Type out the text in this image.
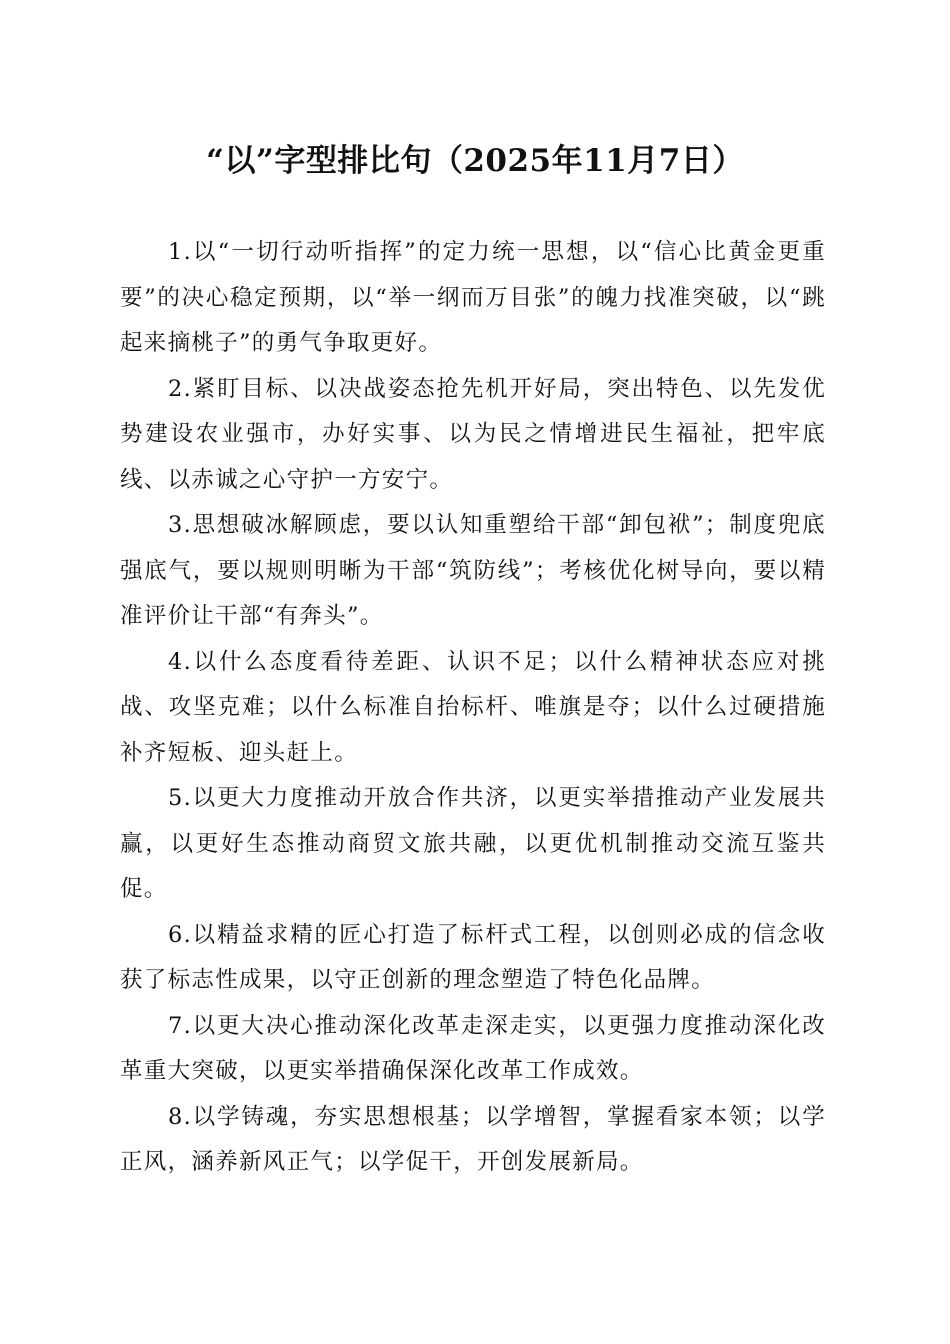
“以”字型排比句（2025年11月7日）

1.以“一切行动听指挥”的定力统一思想，以“信心比黄金更重要”的决心稳定预期，以“举一纲而万目张”的魄力找准突破，以“跳起来摘桃子”的勇气争取更好。

2.紧盯目标、以决战姿态抢先机开好局，突出特色、以先发优势建设农业强市，办好实事、以为民之情增进民生福祉，把牢底线、以赤诚之心守护一方安宁。

3.思想破冰解顾虑，要以认知重塑给干部“卸包袱”；制度兜底强底气，要以规则明晰为干部“筑防线”；考核优化树导向，要以精准评价让干部“有奔头”。

4.以什么态度看待差距、认识不足；以什么精神状态应对挑战、攻坚克难；以什么标准自抬标杆、唯旗是夺；以什么过硬措施补齐短板、迎头赶上。

5.以更大力度推动开放合作共济，以更实举措推动产业发展共赢，以更好生态推动商贸文旅共融，以更优机制推动交流互鉴共促。

6.以精益求精的匠心打造了标杆式工程，以创则必成的信念收获了标志性成果，以守正创新的理念塑造了特色化品牌。

7.以更大决心推动深化改革走深走实，以更强力度推动深化改革重大突破，以更实举措确保深化改革工作成效。

8.以学铸魂，夯实思想根基；以学增智，掌握看家本领；以学正风，涵养新风正气；以学促干，开创发展新局。
